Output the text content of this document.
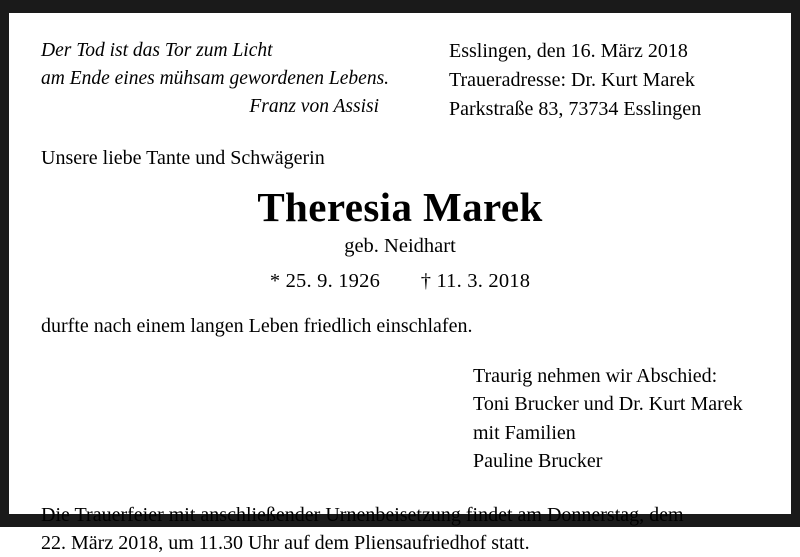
Der Tod ist das Tor zum Licht
am Ende eines mühsam gewordenen Lebens.
Franz von Assisi
Esslingen, den 16. März 2018
Traueradresse: Dr. Kurt Marek
Parkstraße 83, 73734 Esslingen
Unsere liebe Tante und Schwägerin
Theresia Marek
geb. Neidhart
* 25. 9. 1926 † 11. 3. 2018
durfte nach einem langen Leben friedlich einschlafen.
Traurig nehmen wir Abschied:
Toni Brucker und Dr. Kurt Marek
mit Familien
Pauline Brucker
Die Trauerfeier mit anschließender Urnenbeisetzung findet am Donnerstag, dem
22. März 2018, um 11.30 Uhr auf dem Pliensaufriedhof statt.
